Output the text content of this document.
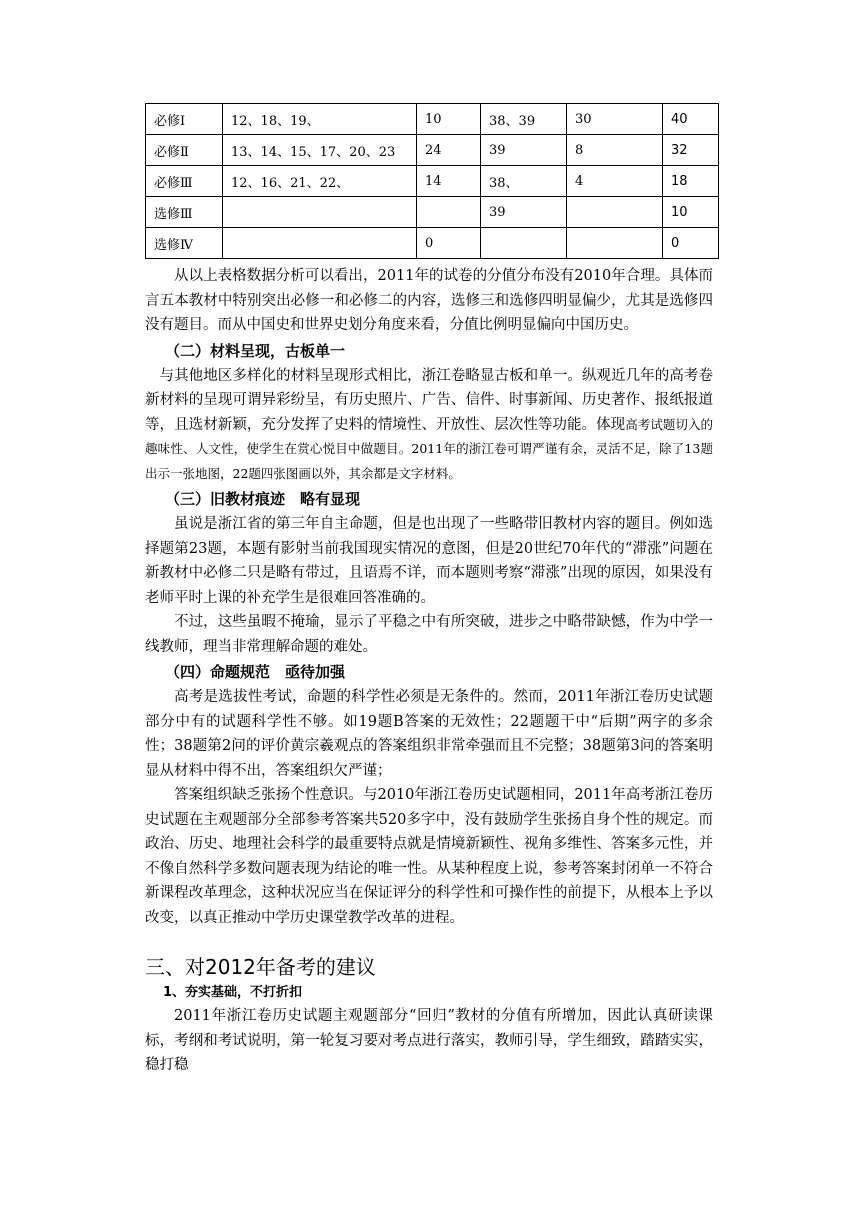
必修Ⅰ	12、18、19、	10	38、39	30	40
必修Ⅱ	13、14、15、17、20、23	24	39	8	32
必修Ⅲ	12、16、21、22、	14	38、	4	18
选修Ⅲ			39		10
选修Ⅳ		0			0

从以上表格数据分析可以看出，2011年的试卷的分值分布没有2010年合理。具体而言五本教材中特别突出必修一和必修二的内容，选修三和选修四明显偏少，尤其是选修四没有题目。而从中国史和世界史划分角度来看，分值比例明显偏向中国历史。

（二）材料呈现，古板单一

与其他地区多样化的材料呈现形式相比，浙江卷略显古板和单一。纵观近几年的高考卷新材料的呈现可谓异彩纷呈，有历史照片、广告、信件、时事新闻、历史著作、报纸报道等，且选材新颖，充分发挥了史料的情境性、开放性、层次性等功能。体现高考试题切入的趣味性、人文性，使学生在赏心悦目中做题目。2011年的浙江卷可谓严谨有余，灵活不足，除了13题出示一张地图，22题四张图画以外，其余都是文字材料。

（三）旧教材痕迹　略有显现

虽说是浙江省的第三年自主命题，但是也出现了一些略带旧教材内容的题目。例如选择题第23题，本题有影射当前我国现实情况的意图，但是20世纪70年代的“滞涨”问题在新教材中必修二只是略有带过，且语焉不详，而本题则考察“滞涨”出现的原因，如果没有老师平时上课的补充学生是很难回答准确的。

不过，这些虽暇不掩瑜，显示了平稳之中有所突破，进步之中略带缺憾，作为中学一线教师，理当非常理解命题的难处。

（四）命题规范　亟待加强

高考是选拔性考试，命题的科学性必须是无条件的。然而，2011年浙江卷历史试题部分中有的试题科学性不够。如19题B答案的无效性；22题题干中“后期”两字的多余性；38题第2问的评价黄宗羲观点的答案组织非常牵强而且不完整；38题第3问的答案明显从材料中得不出，答案组织欠严谨；

答案组织缺乏张扬个性意识。与2010年浙江卷历史试题相同，2011年高考浙江卷历史试题在主观题部分全部参考答案共520多字中，没有鼓励学生张扬自身个性的规定。而政治、历史、地理社会科学的最重要特点就是情境新颖性、视角多维性、答案多元性，并不像自然科学多数问题表现为结论的唯一性。从某种程度上说，参考答案封闭单一不符合新课程改革理念，这种状况应当在保证评分的科学性和可操作性的前提下，从根本上予以改变，以真正推动中学历史课堂教学改革的进程。

三、对2012年备考的建议

1、夯实基础，不打折扣

2011年浙江卷历史试题主观题部分“回归”教材的分值有所增加，因此认真研读课标，考纲和考试说明，第一轮复习要对考点进行落实，教师引导，学生细致，踏踏实实，稳打稳
